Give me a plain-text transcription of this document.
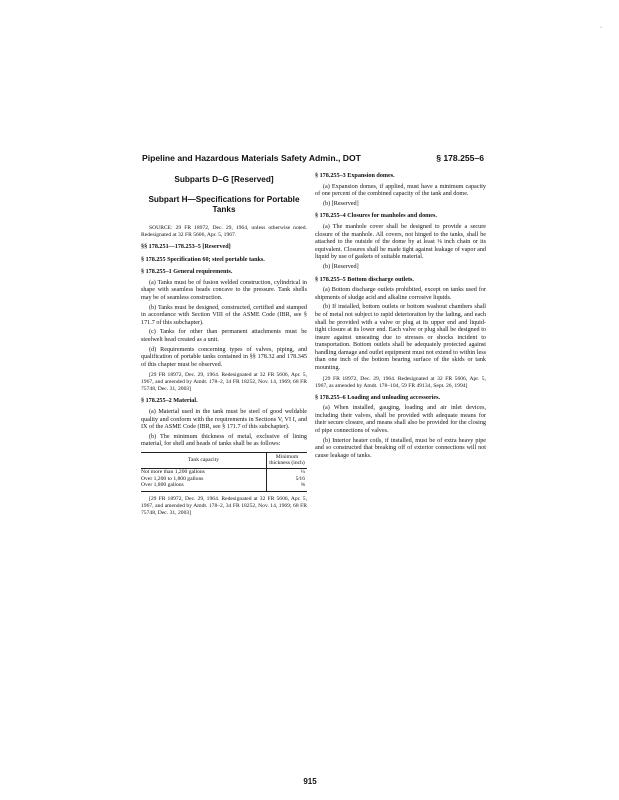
·
Pipeline and Hazardous Materials Safety Admin., DOT	§ 178.255–6
Subparts D–G [Reserved]
Subpart H—Specifications for Portable Tanks

SOURCE: 29 FR 18972, Dec. 29, 1964, unless otherwise noted. Redesignated at 32 FR 5606, Apr. 5, 1967.

§§ 178.251—178.253–5 [Reserved]

§ 178.255 Specification 60; steel portable tanks.

§ 178.255–1 General requirements.

(a) Tanks must be of fusion welded construction, cylindrical in shape with seamless heads concave to the pressure. Tank shells may be of seamless construction.

(b) Tanks must be designed, constructed, certified and stamped in accordance with Section VIII of the ASME Code (IBR, see § 171.7 of this subchapter).

(c) Tanks for other than permanent attachments must be steelwelt head created as a unit.

(d) Requirements concerning types of valves, piping, and qualification of portable tanks contained in §§ 178.32 and 178.345 of this chapter must be observed.

[29 FR 18972, Dec. 29, 1964. Redesignated at 32 FR 5606, Apr. 5, 1967, and amended by Amdt. 178–2, 34 FR 18252, Nov. 14, 1969; 68 FR 75748, Dec. 31, 2003]

§ 178.255–2 Material.

(a) Material used in the tank must be steel of good weldable quality and conform with the requirements in Sections V, VI I, and IX of the ASME Code (IBR, see § 171.7 of this subchapter).

(b) The minimum thickness of metal, exclusive of lining material, for shell and heads of tanks shall be as follows:

Tank capacity	Minimum thickness (inch)
Not more than 1,200 gallons	¼
Over 1,200 to 1,800 gallons	5⁄16
Over 1,800 gallons	⅜

[29 FR 18972, Dec. 29, 1964. Redesignated at 32 FR 5606, Apr. 5, 1967, and amended by Amdt. 178–2, 34 FR 18252, Nov. 14, 1969; 68 FR 75748, Dec. 31, 2003]

§ 178.255–3 Expansion domes.

(a) Expansion domes, if applied, must have a minimum capacity of one percent of the combined capacity of the tank and dome.

(b) [Reserved]

§ 178.255–4 Closures for manholes and domes.

(a) The manhole cover shall be designed to provide a secure closure of the manhole. All covers, not hinged to the tanks, shall be attached to the outside of the dome by at least ⅜ inch chain or its equivalent. Closures shall be made tight against leakage of vapor and liquid by use of gaskets of suitable material.

(b) [Reserved]

§ 178.255–5 Bottom discharge outlets.

(a) Bottom discharge outlets prohibited, except on tanks used for shipments of sludge acid and alkaline corrosive liquids.

(b) If installed, bottom outlets or bottom washout chambers shall be of metal not subject to rapid deterioration by the lading, and each shall be provided with a valve or plug at its upper end and liquid-tight closure at its lower end. Each valve or plug shall be designed to insure against unseating due to stresses or shocks incident to transportation. Bottom outlets shall be adequately protected against handling damage and outlet equipment must not extend to within less than one inch of the bottom bearing surface of the skids or tank mounting.

[29 FR 18972, Dec. 29, 1964. Redesignated at 32 FR 5606, Apr. 5, 1967, as amended by Amdt. 178–104, 59 FR 49134, Sept. 26, 1994]

§ 178.255–6 Loading and unloading accessories.

(a) When installed, gauging, loading and air inlet devices, including their valves, shall be provided with adequate means for their secure closure, and means shall also be provided for the closing of pipe connections of valves.

(b) Interior heater coils, if installed, must be of extra heavy pipe and so constructed that breaking off of exterior connections will not cause leakage of tanks.

915
